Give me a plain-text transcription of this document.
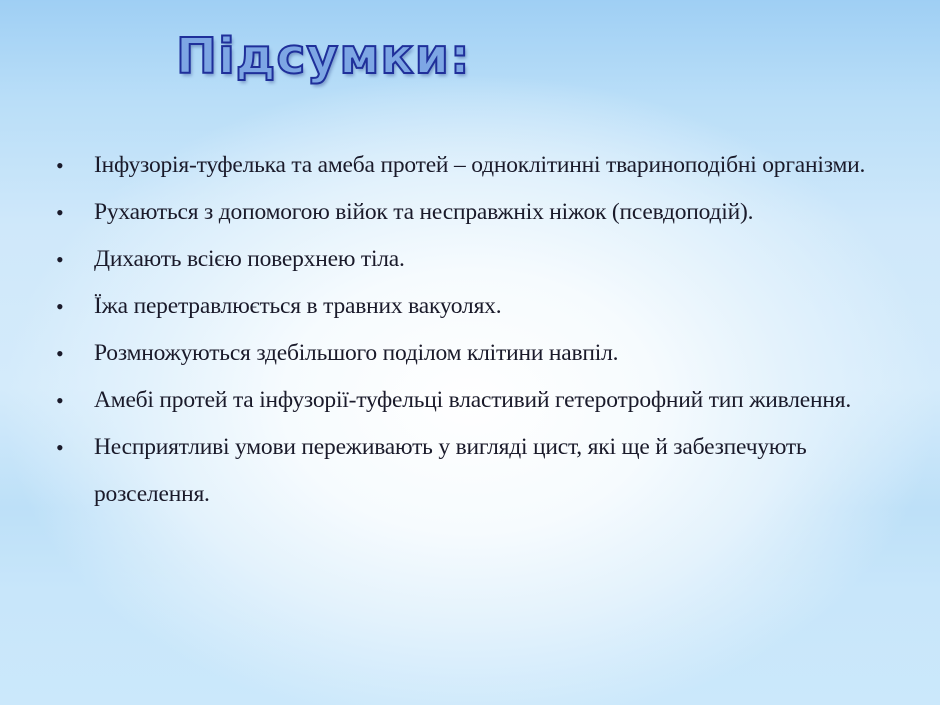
Підсумки:
• Інфузорія-туфелька та амеба протей – одноклітинні твариноподібні організми.
• Рухаються з допомогою війок та несправжніх ніжок (псевдоподій).
• Дихають всією поверхнею тіла.
• Їжа перетравлюється в травних вакуолях.
• Розмножуються здебільшого поділом клітини навпіл.
• Амебі протей та інфузорії-туфельці властивий гетеротрофний тип живлення.
• Несприятливі умови переживають у вигляді цист, які ще й забезпечують розселення.
